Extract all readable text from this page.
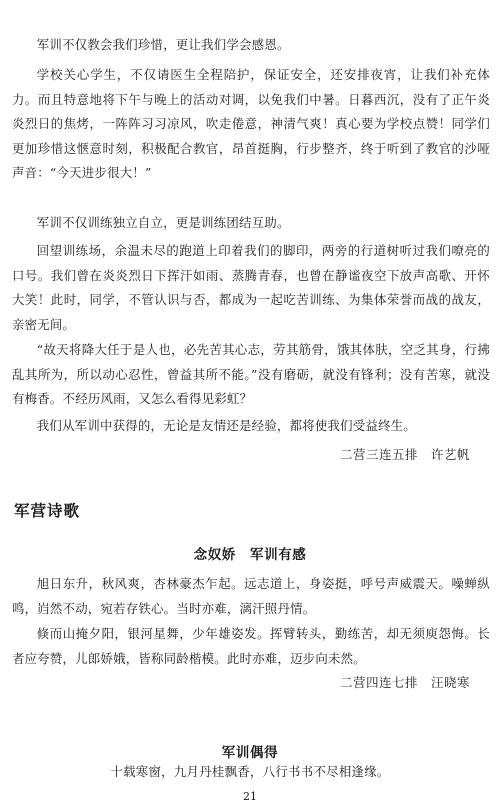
军训不仅教会我们珍惜，更让我们学会感恩。

学校关心学生，不仅请医生全程陪护，保证安全，还安排夜宵，让我们补充体力。而且特意地将下午与晚上的活动对调，以免我们中暑。日暮西沉，没有了正午炎炎烈日的焦烤，一阵阵习习凉风，吹走倦意，神清气爽！真心要为学校点赞！同学们更加珍惜这惬意时刻，积极配合教官，昂首挺胸，行步整齐，终于听到了教官的沙哑声音：“今天进步很大！”

军训不仅训练独立自立，更是训练团结互助。

回望训练场，余温未尽的跑道上印着我们的脚印，两旁的行道树听过我们嘹亮的口号。我们曾在炎炎烈日下挥汗如雨、蒸腾青春，也曾在静谧夜空下放声高歌、开怀大笑！此时，同学，不管认识与否，都成为一起吃苦训练、为集体荣誉而战的战友，亲密无间。

“故天将降大任于是人也，必先苦其心志，劳其筋骨，饿其体肤，空乏其身，行拂乱其所为，所以动心忍性，曾益其所不能。”没有磨砺，就没有锋利；没有苦寒，就没有梅香。不经历风雨，又怎么看得见彩虹？

我们从军训中获得的，无论是友情还是经验，都将使我们受益终生。

二营三连五排　许艺帆

军营诗歌
念奴娇　军训有感

旭日东升，秋风爽，杏林豪杰乍起。远志道上，身姿挺，呼号声威震天。噪蝉纵鸣，岿然不动，宛若存铁心。当时亦难，漓汗照丹情。

倏而山掩夕阳，银河星舞，少年雄姿发。挥臂转头，勤练苦，却无须庾怨悔。长者应夸赞，儿郎娇娥，皆称同龄楷模。此时亦难，迈步向未然。

二营四连七排　汪晓寒

军训偶得

十载寒窗，九月丹桂飘香，八行书书不尽相逢缘。

21
